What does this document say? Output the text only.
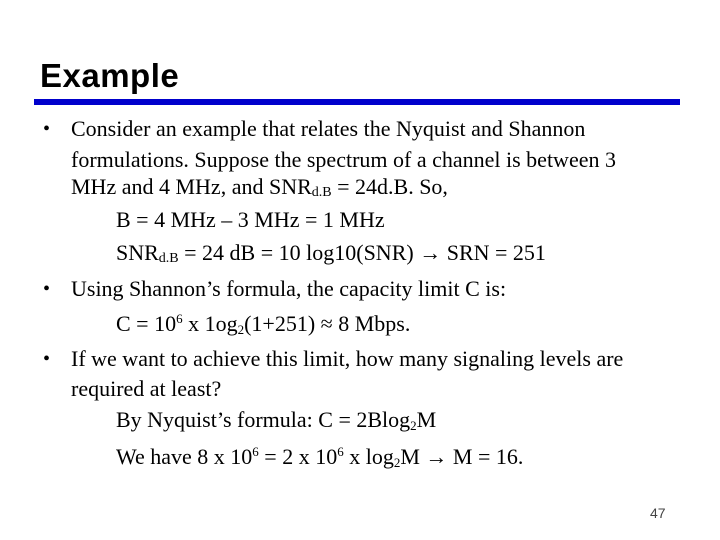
Example
• Consider an example that relates the Nyquist and Shannon
formulations. Suppose the spectrum of a channel is between 3
MHz and 4 MHz, and SNRd.B = 24d.B. So,
B = 4 MHz – 3 MHz = 1 MHz
SNRd.B = 24 dB = 10 log10(SNR) → SRN = 251
• Using Shannon’s formula, the capacity limit C is:
$C = 10^6$ x $1og_2(1+251) \approx 8$ Mbps.
• If we want to achieve this limit, how many signaling levels are
required at least?
By Nyquist’s formula: C = 2Blog$_2$M
We have 8 x $10^6 = 2$ x $10^6$ x $\log_2M \to M = 16$.
47
